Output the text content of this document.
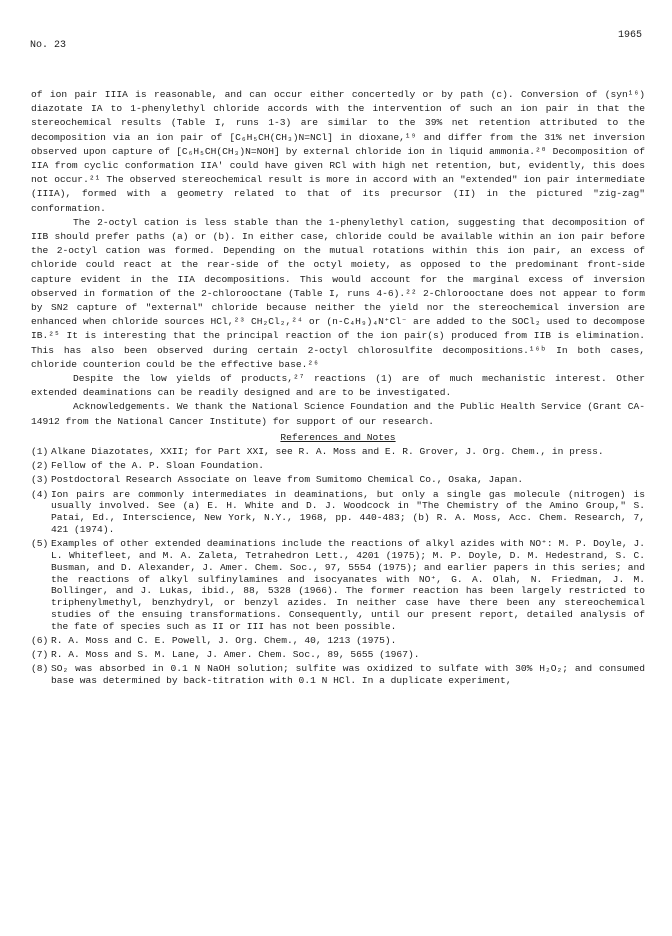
No. 23
1965

of ion pair IIIA is reasonable, and can occur either concertedly or by path (c). Conversion of (syn¹⁶) diazotate IA to 1-phenylethyl chloride accords with the intervention of such an ion pair in that the stereochemical results (Table I, runs 1-3) are similar to the 39% net retention attributed to the decomposition via an ion pair of [C₆H₅CH(CH₃)N=NCl] in dioxane,¹⁹ and differ from the 31% net inversion observed upon capture of [C₆H₅CH(CH₃)N=NOH] by external chloride ion in liquid ammonia.²⁰ Decomposition of IIA from cyclic conformation IIA' could have given RCl with high net retention, but, evidently, this does not occur.²¹ The observed stereochemical result is more in accord with an "extended" ion pair intermediate (IIIA), formed with a geometry related to that of its precursor (II) in the pictured "zig-zag" conformation.

The 2-octyl cation is less stable than the 1-phenylethyl cation, suggesting that decomposition of IIB should prefer paths (a) or (b). In either case, chloride could be available within an ion pair before the 2-octyl cation was formed. Depending on the mutual rotations within this ion pair, an excess of chloride could react at the rear-side of the octyl moiety, as opposed to the predominant front-side capture evident in the IIA decompositions. This would account for the marginal excess of inversion observed in formation of the 2-chlorooctane (Table I, runs 4-6).²² 2-Chlorooctane does not appear to form by SN2 capture of "external" chloride because neither the yield nor the stereochemical inversion are enhanced when chloride sources HCl,²³ CH₂Cl₂,²⁴ or (n-C₄H₉)₄N⁺Cl⁻ are added to the SOCl₂ used to decompose IB.²⁵ It is interesting that the principal reaction of the ion pair(s) produced from IIB is elimination. This has also been observed during certain 2-octyl chlorosulfite decompositions.¹⁶ᵇ In both cases, chloride counterion could be the effective base.²⁶

Despite the low yields of products,²⁷ reactions (1) are of much mechanistic interest. Other extended deaminations can be readily designed and are to be investigated.

Acknowledgements. We thank the National Science Foundation and the Public Health Service (Grant CA-14912 from the National Cancer Institute) for support of our research.

References and Notes
(1) Alkane Diazotates, XXII; for Part XXI, see R. A. Moss and E. R. Grover, J. Org. Chem., in press.
(2) Fellow of the A. P. Sloan Foundation.
(3) Postdoctoral Research Associate on leave from Sumitomo Chemical Co., Osaka, Japan.
(4) Ion pairs are commonly intermediates in deaminations, but only a single gas molecule (nitrogen) is usually involved. See (a) E. H. White and D. J. Woodcock in "The Chemistry of the Amino Group," S. Patai, Ed., Interscience, New York, N.Y., 1968, pp. 440-483; (b) R. A. Moss, Acc. Chem. Research, 7, 421 (1974).
(5) Examples of other extended deaminations include the reactions of alkyl azides with NO⁺: M. P. Doyle, J. L. Whitefleet, and M. A. Zaleta, Tetrahedron Lett., 4201 (1975); M. P. Doyle, D. M. Hedestrand, S. C. Busman, and D. Alexander, J. Amer. Chem. Soc., 97, 5554 (1975); and earlier papers in this series; and the reactions of alkyl sulfinylamines and isocyanates with NO⁺, G. A. Olah, N. Friedman, J. M. Bollinger, and J. Lukas, ibid., 88, 5328 (1966). The former reaction has been largely restricted to triphenylmethyl, benzhydryl, or benzyl azides. In neither case have there been any stereochemical studies of the ensuing transformations. Consequently, until our present report, detailed analysis of the fate of species such as II or III has not been possible.
(6) R. A. Moss and C. E. Powell, J. Org. Chem., 40, 1213 (1975).
(7) R. A. Moss and S. M. Lane, J. Amer. Chem. Soc., 89, 5655 (1967).
(8) SO₂ was absorbed in 0.1 N NaOH solution; sulfite was oxidized to sulfate with 30% H₂O₂; and consumed base was determined by back-titration with 0.1 N HCl. In a duplicate experiment,
